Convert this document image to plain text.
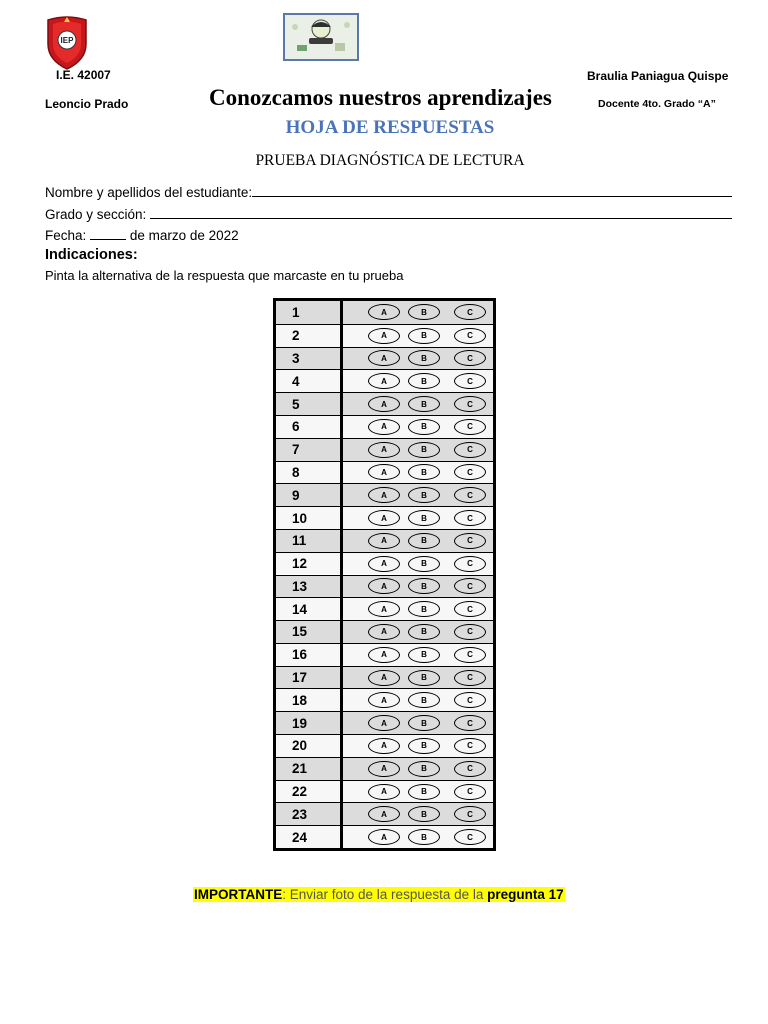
IEP
I.E. 42007
Leoncio Prado
Braulia Paniagua Quispe
Docente 4to. Grado “A”
Conozcamos nuestros aprendizajes
HOJA DE RESPUESTAS
PRUEBA DIAGNÓSTICA DE LECTURA
Nombre y apellidos del estudiante:
Grado y sección:
Fecha:	de marzo de 2022
Indicaciones:
Pinta la alternativa de la respuesta que marcaste en tu prueba
1	A	B	C
2	A	B	C
3	A	B	C
4	A	B	C
5	A	B	C
6	A	B	C
7	A	B	C
8	A	B	C
9	A	B	C
10	A	B	C
11	A	B	C
12	A	B	C
13	A	B	C
14	A	B	C
15	A	B	C
16	A	B	C
17	A	B	C
18	A	B	C
19	A	B	C
20	A	B	C
21	A	B	C
22	A	B	C
23	A	B	C
24	A	B	C
IMPORTANTE: Enviar foto de la respuesta de la pregunta 17
